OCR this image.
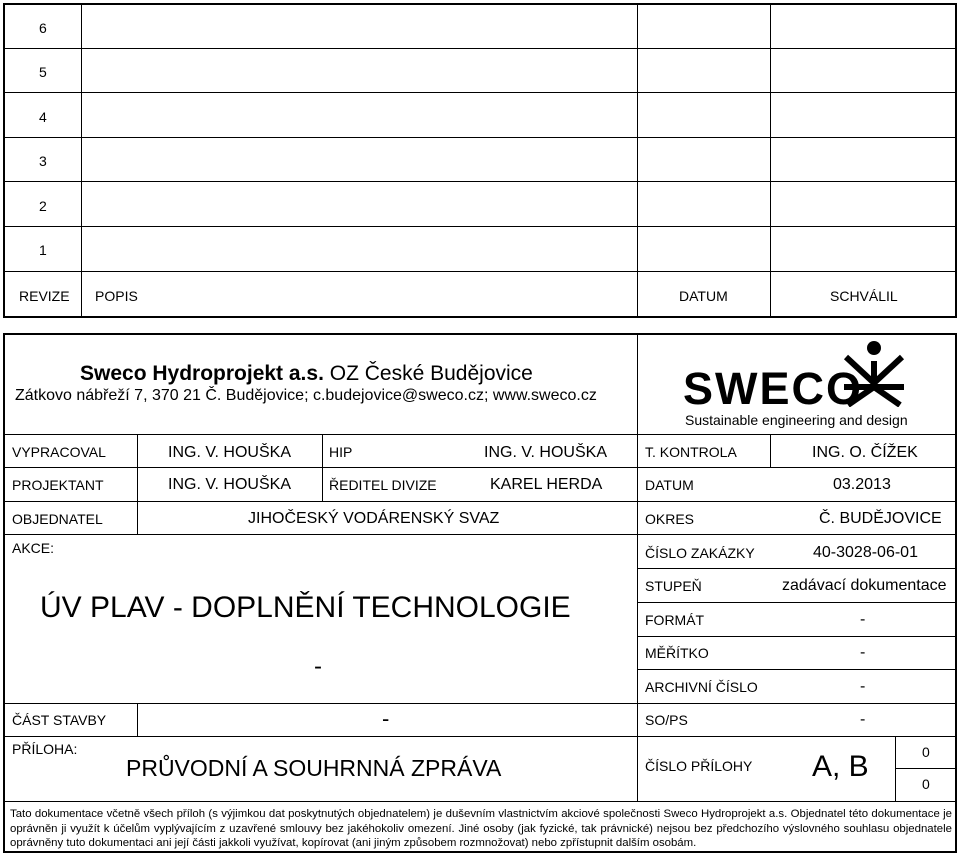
6
5
4
3
2
1
REVIZE POPIS	DATUM	SCHVÁLIL
Sweco Hydroprojekt a.s. OZ České Budějovice
Zátkovo nábřeží 7, 370 21 Č. Budějovice; c.budejovice@sweco.cz; www.sweco.cz SWECO
Sustainable engineering and design
VYPRACOVAL	ING. V. HOUŠKA	HIP	ING. V. HOUŠKA	T. KONTROLA	ING. O. ČÍŽEK
PROJEKTANT	ING. V. HOUŠKA	ŘEDITEL DIVIZE	KAREL HERDA	DATUM	03.2013
OBJEDNATEL	JIHOČESKÝ VODÁRENSKÝ SVAZ	OKRES	Č. BUDĚJOVICE
AKCE:
ÚV PLAV - DOPLNĚNÍ TECHNOLOGIE
-
ČÍSLO ZAKÁZKY	40-3028-06-01
STUPEŇ	zadávací dokumentace
FORMÁT	-
MĚŘÍTKO	-
ARCHIVNÍ ČÍSLO	-
ČÁST STAVBY	-	SO/PS	-
PŘÍLOHA:
PRŮVODNÍ A SOUHRNNÁ ZPRÁVA	ČÍSLO PŘÍLOHY A, B	0
0

Tato dokumentace včetně všech příloh (s výjimkou dat poskytnutých objednatelem) je duševním vlastnictvím akciové společnosti Sweco Hydroprojekt a.s. Objednatel této dokumentace je oprávněn ji využít k účelům vyplývajícím z uzavřené smlouvy bez jakéhokoliv omezení. Jiné osoby (jak fyzické, tak právnické) nejsou bez předchozího výslovného souhlasu objednatele oprávněny tuto dokumentaci ani její části jakkoli využívat, kopírovat (ani jiným způsobem rozmnožovat) nebo zpřístupnit dalším osobám.
